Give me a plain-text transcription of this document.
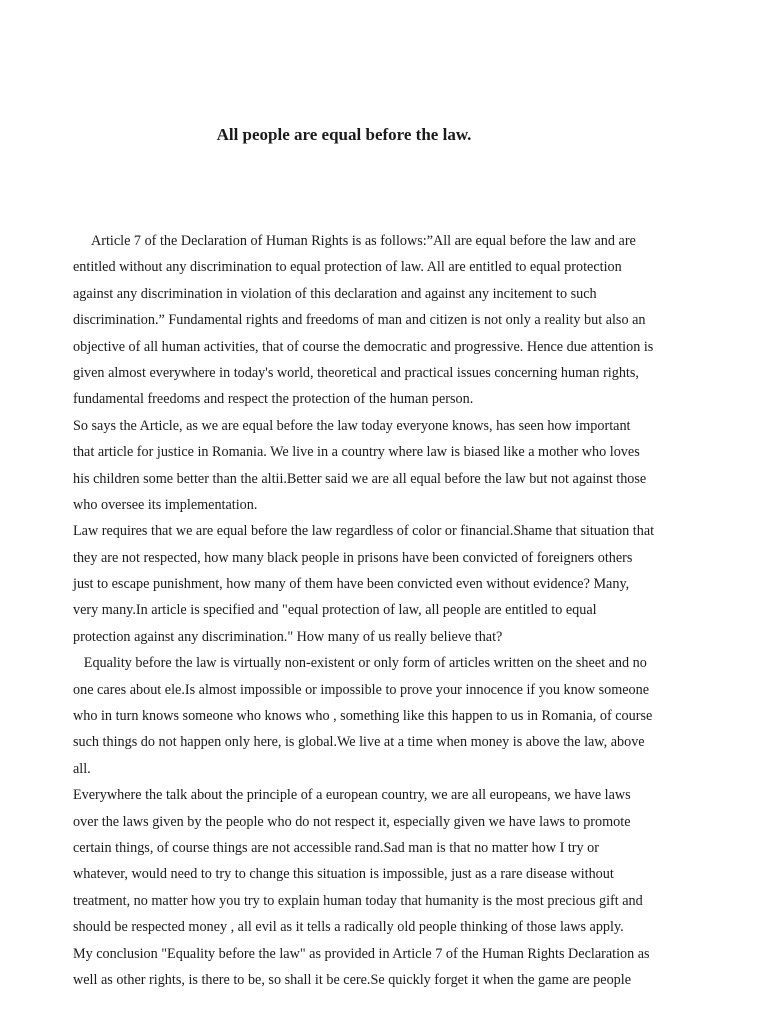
All people are equal before the law.
Article 7 of the Declaration of Human Rights is as follows:”All are equal before the law and are
entitled without any discrimination to equal protection of law. All are entitled to equal protection
against any discrimination in violation of this declaration and against any incitement to such
discrimination.” Fundamental rights and freedoms of man and citizen is not only a reality but also an
objective of all human activities, that of course the democratic and progressive. Hence due attention is
given almost everywhere in today's world, theoretical and practical issues concerning human rights,
fundamental freedoms and respect the protection of the human person.
So says the Article, as we are equal before the law today everyone knows, has seen how important
that article for justice in Romania. We live in a country where law is biased like a mother who loves
his children some better than the altii.Better said we are all equal before the law but not against those
who oversee its implementation.
Law requires that we are equal before the law regardless of color or financial.Shame that situation that
they are not respected, how many black people in prisons have been convicted of foreigners others
just to escape punishment, how many of them have been convicted even without evidence? Many,
very many.In article is specified and "equal protection of law, all people are entitled to equal
protection against any discrimination." How many of us really believe that?
Equality before the law is virtually non-existent or only form of articles written on the sheet and no
one cares about ele.Is almost impossible or impossible to prove your innocence if you know someone
who in turn knows someone who knows who , something like this happen to us in Romania, of course
such things do not happen only here, is global.We live at a time when money is above the law, above
all.
Everywhere the talk about the principle of a european country, we are all europeans, we have laws
over the laws given by the people who do not respect it, especially given we have laws to promote
certain things, of course things are not accessible rand.Sad man is that no matter how I try or
whatever, would need to try to change this situation is impossible, just as a rare disease without
treatment, no matter how you try to explain human today that humanity is the most precious gift and
should be respected money , all evil as it tells a radically old people thinking of those laws apply.
My conclusion "Equality before the law" as provided in Article 7 of the Human Rights Declaration as
well as other rights, is there to be, so shall it be cere.Se quickly forget it when the game are people
